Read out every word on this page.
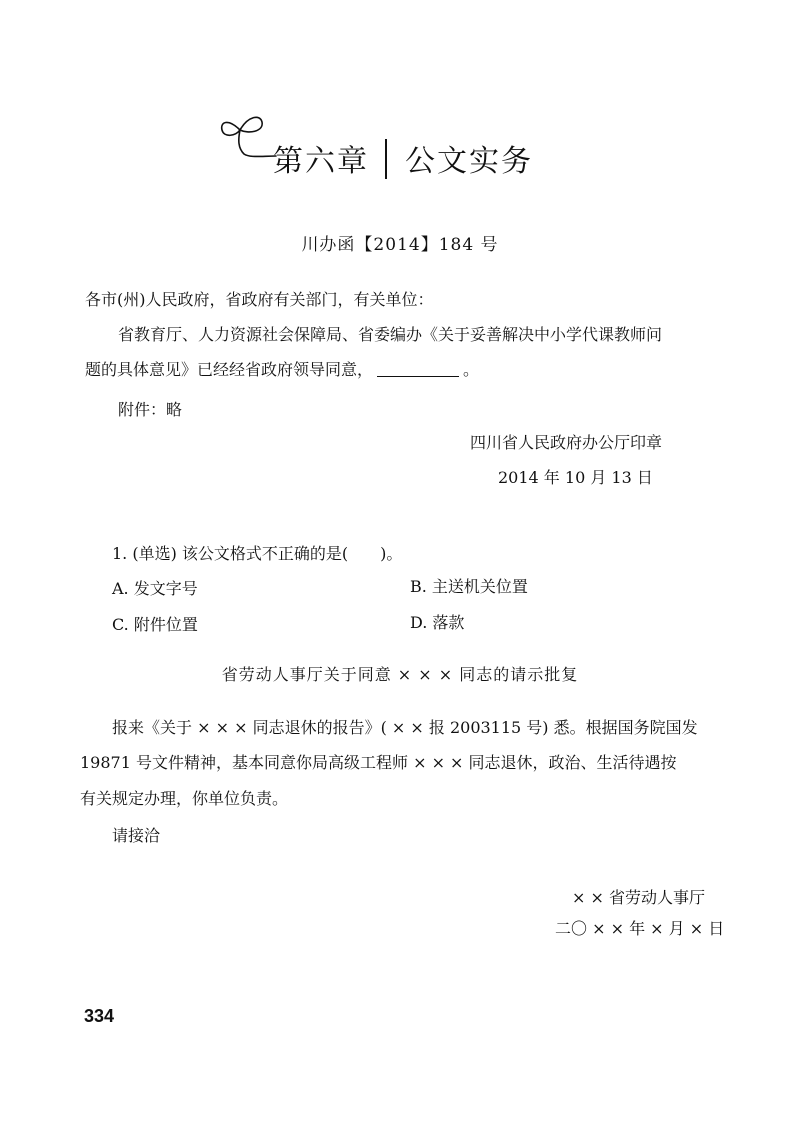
第六章 公文实务
川办函【2014】184 号
各市(州)人民政府，省政府有关部门，有关单位：
省教育厅、人力资源社会保障局、省委编办《关于妥善解决中小学代课教师问
题的具体意见》已经经省政府领导同意，	。
附件：略
四川省人民政府办公厅印章
2014 年 10 月 13 日
1. (单选) 该公文格式不正确的是(　　)。
A. 发文字号	B. 主送机关位置
C. 附件位置	D. 落款
省劳动人事厅关于同意 × × × 同志的请示批复
报来《关于 × × × 同志退休的报告》( × × 报 2003115 号) 悉。根据国务院国发
19871 号文件精神，基本同意你局高级工程师 × × × 同志退休，政治、生活待遇按
有关规定办理，你单位负责。
请接洽
× × 省劳动人事厅
二〇 × × 年 × 月 × 日
334
